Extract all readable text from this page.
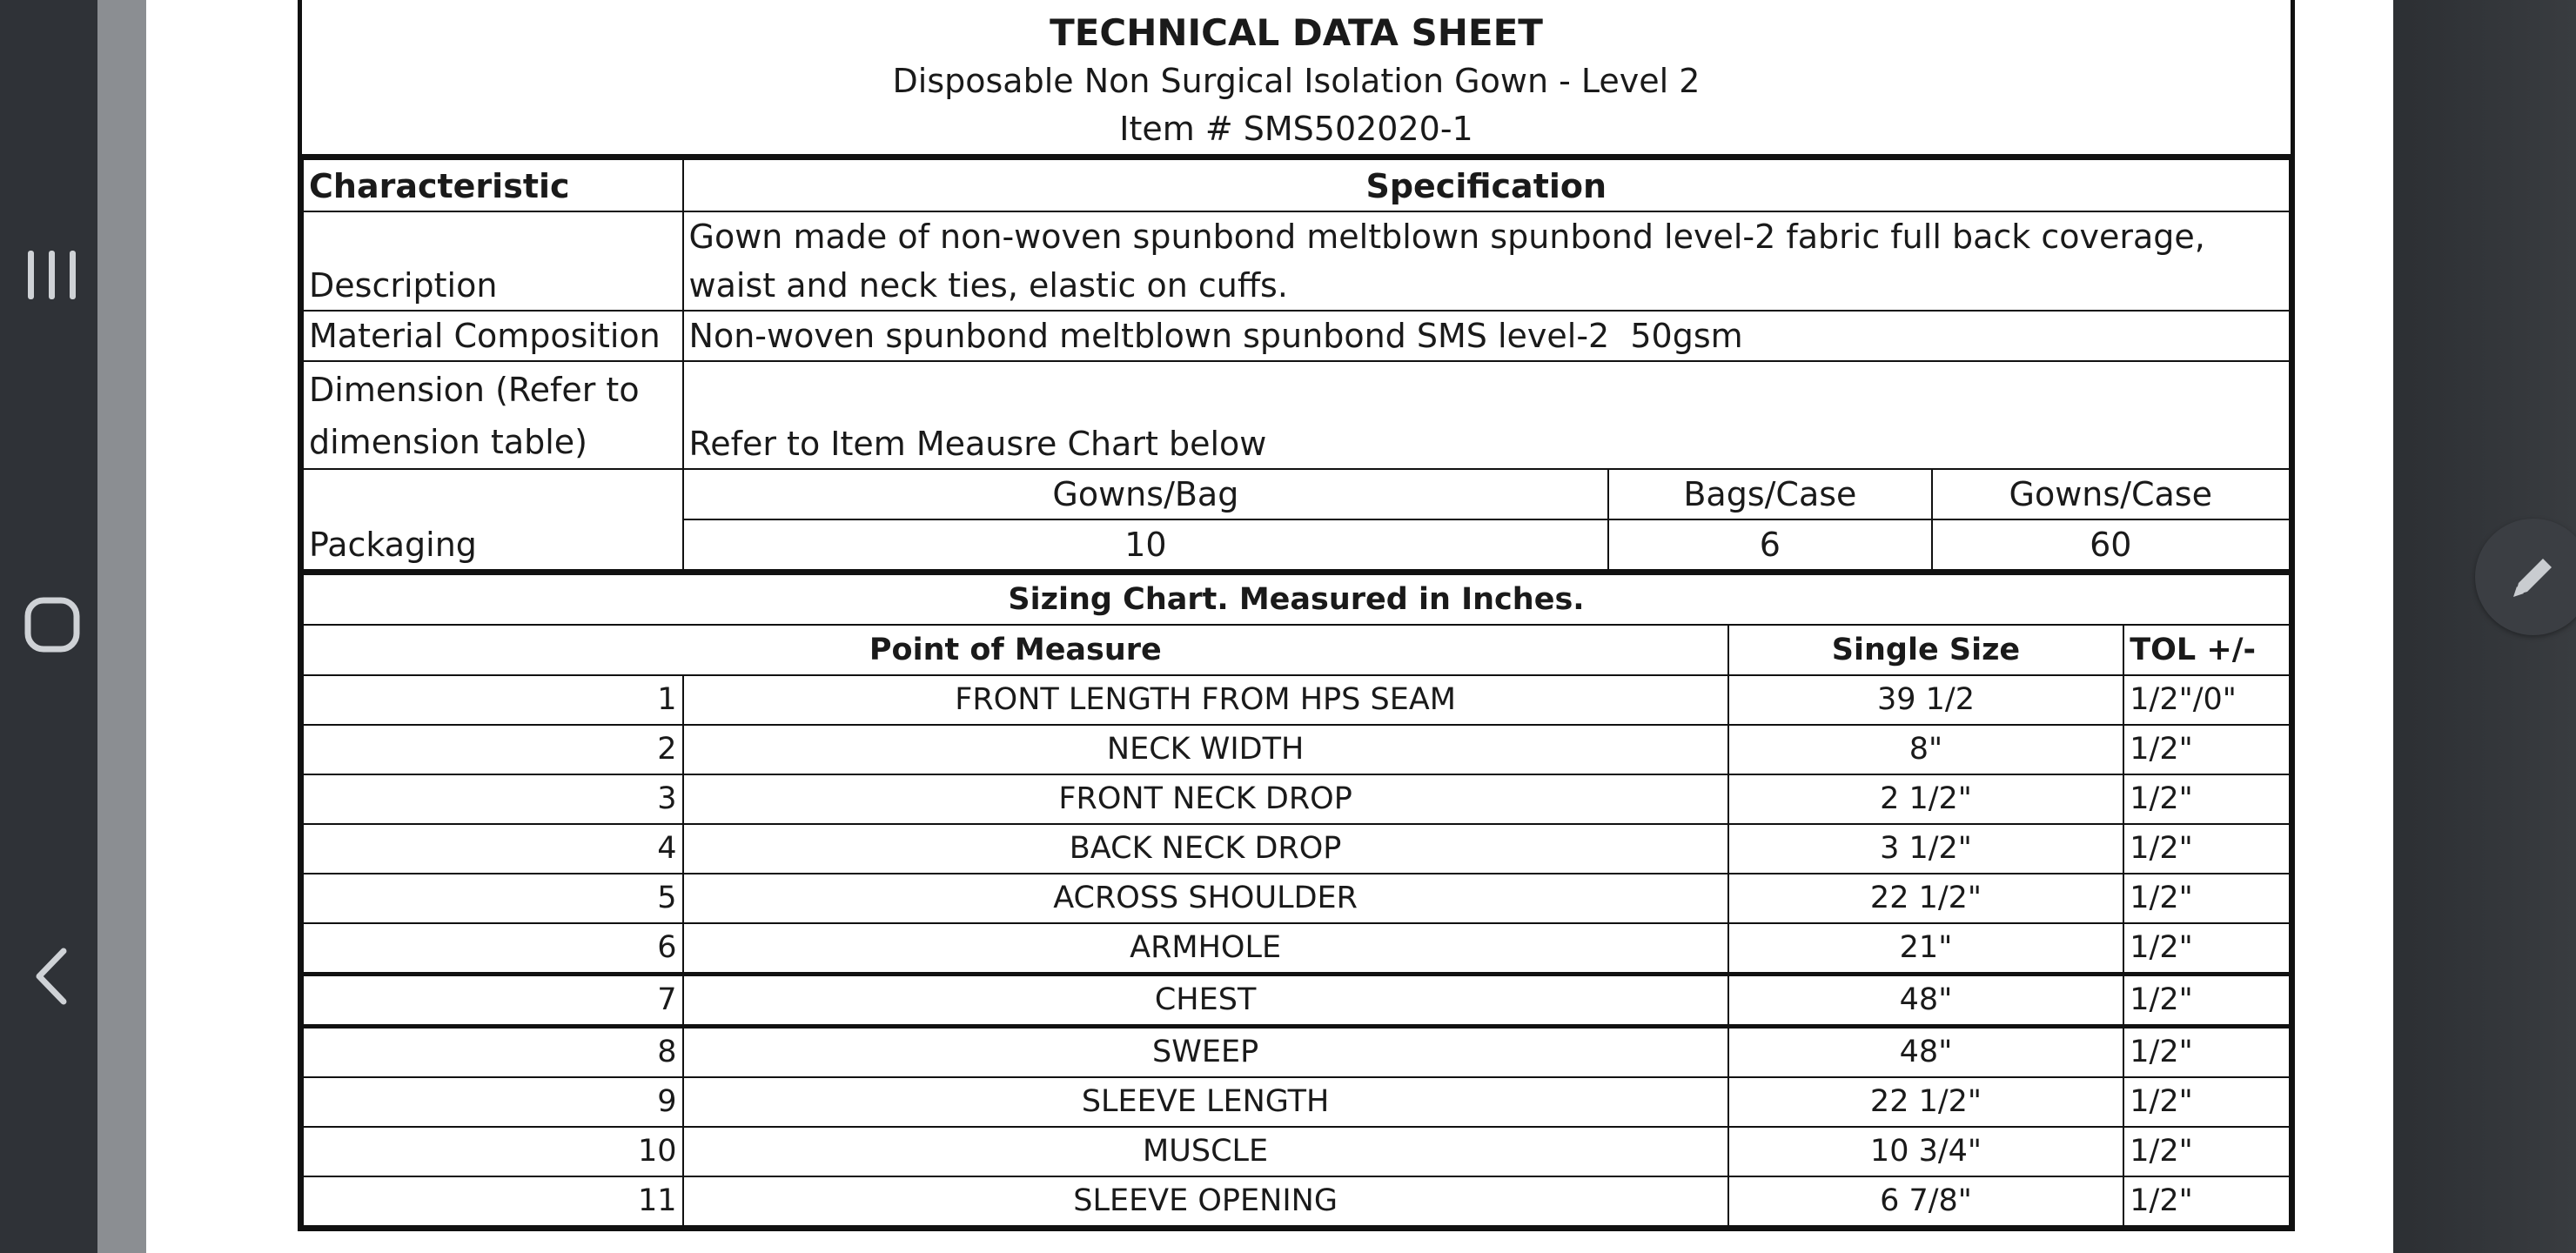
TECHNICAL DATA SHEET
Disposable Non Surgical Isolation Gown - Level 2
Item # SMS502020-1
Characteristic	Specification		
Description	Gown made of non-woven spunbond meltblown spunbond level-2 fabric full back coverage, waist and neck ties, elastic on cuffs.		
Material Composition	Non-woven spunbond meltblown spunbond SMS level-2  50gsm		
Dimension (Refer to dimension table)	Refer to Item Meausre Chart below		
Packaging	Gowns/Bag	Bags/Case	Gowns/Case
	10	6	60
Sizing Chart. Measured in Inches.			
Point of Measure		Single Size	TOL +/-
1	FRONT LENGTH FROM HPS SEAM	39 1/2	1/2"/0"
2	NECK WIDTH	8"	1/2"
3	FRONT NECK DROP	2 1/2"	1/2"
4	BACK NECK DROP	3 1/2"	1/2"
5	ACROSS SHOULDER	22 1/2"	1/2"
6	ARMHOLE	21"	1/2"
7	CHEST	48"	1/2"
8	SWEEP	48"	1/2"
9	SLEEVE LENGTH	22 1/2"	1/2"
10	MUSCLE	10 3/4"	1/2"
11	SLEEVE OPENING	6 7/8"	1/2"
